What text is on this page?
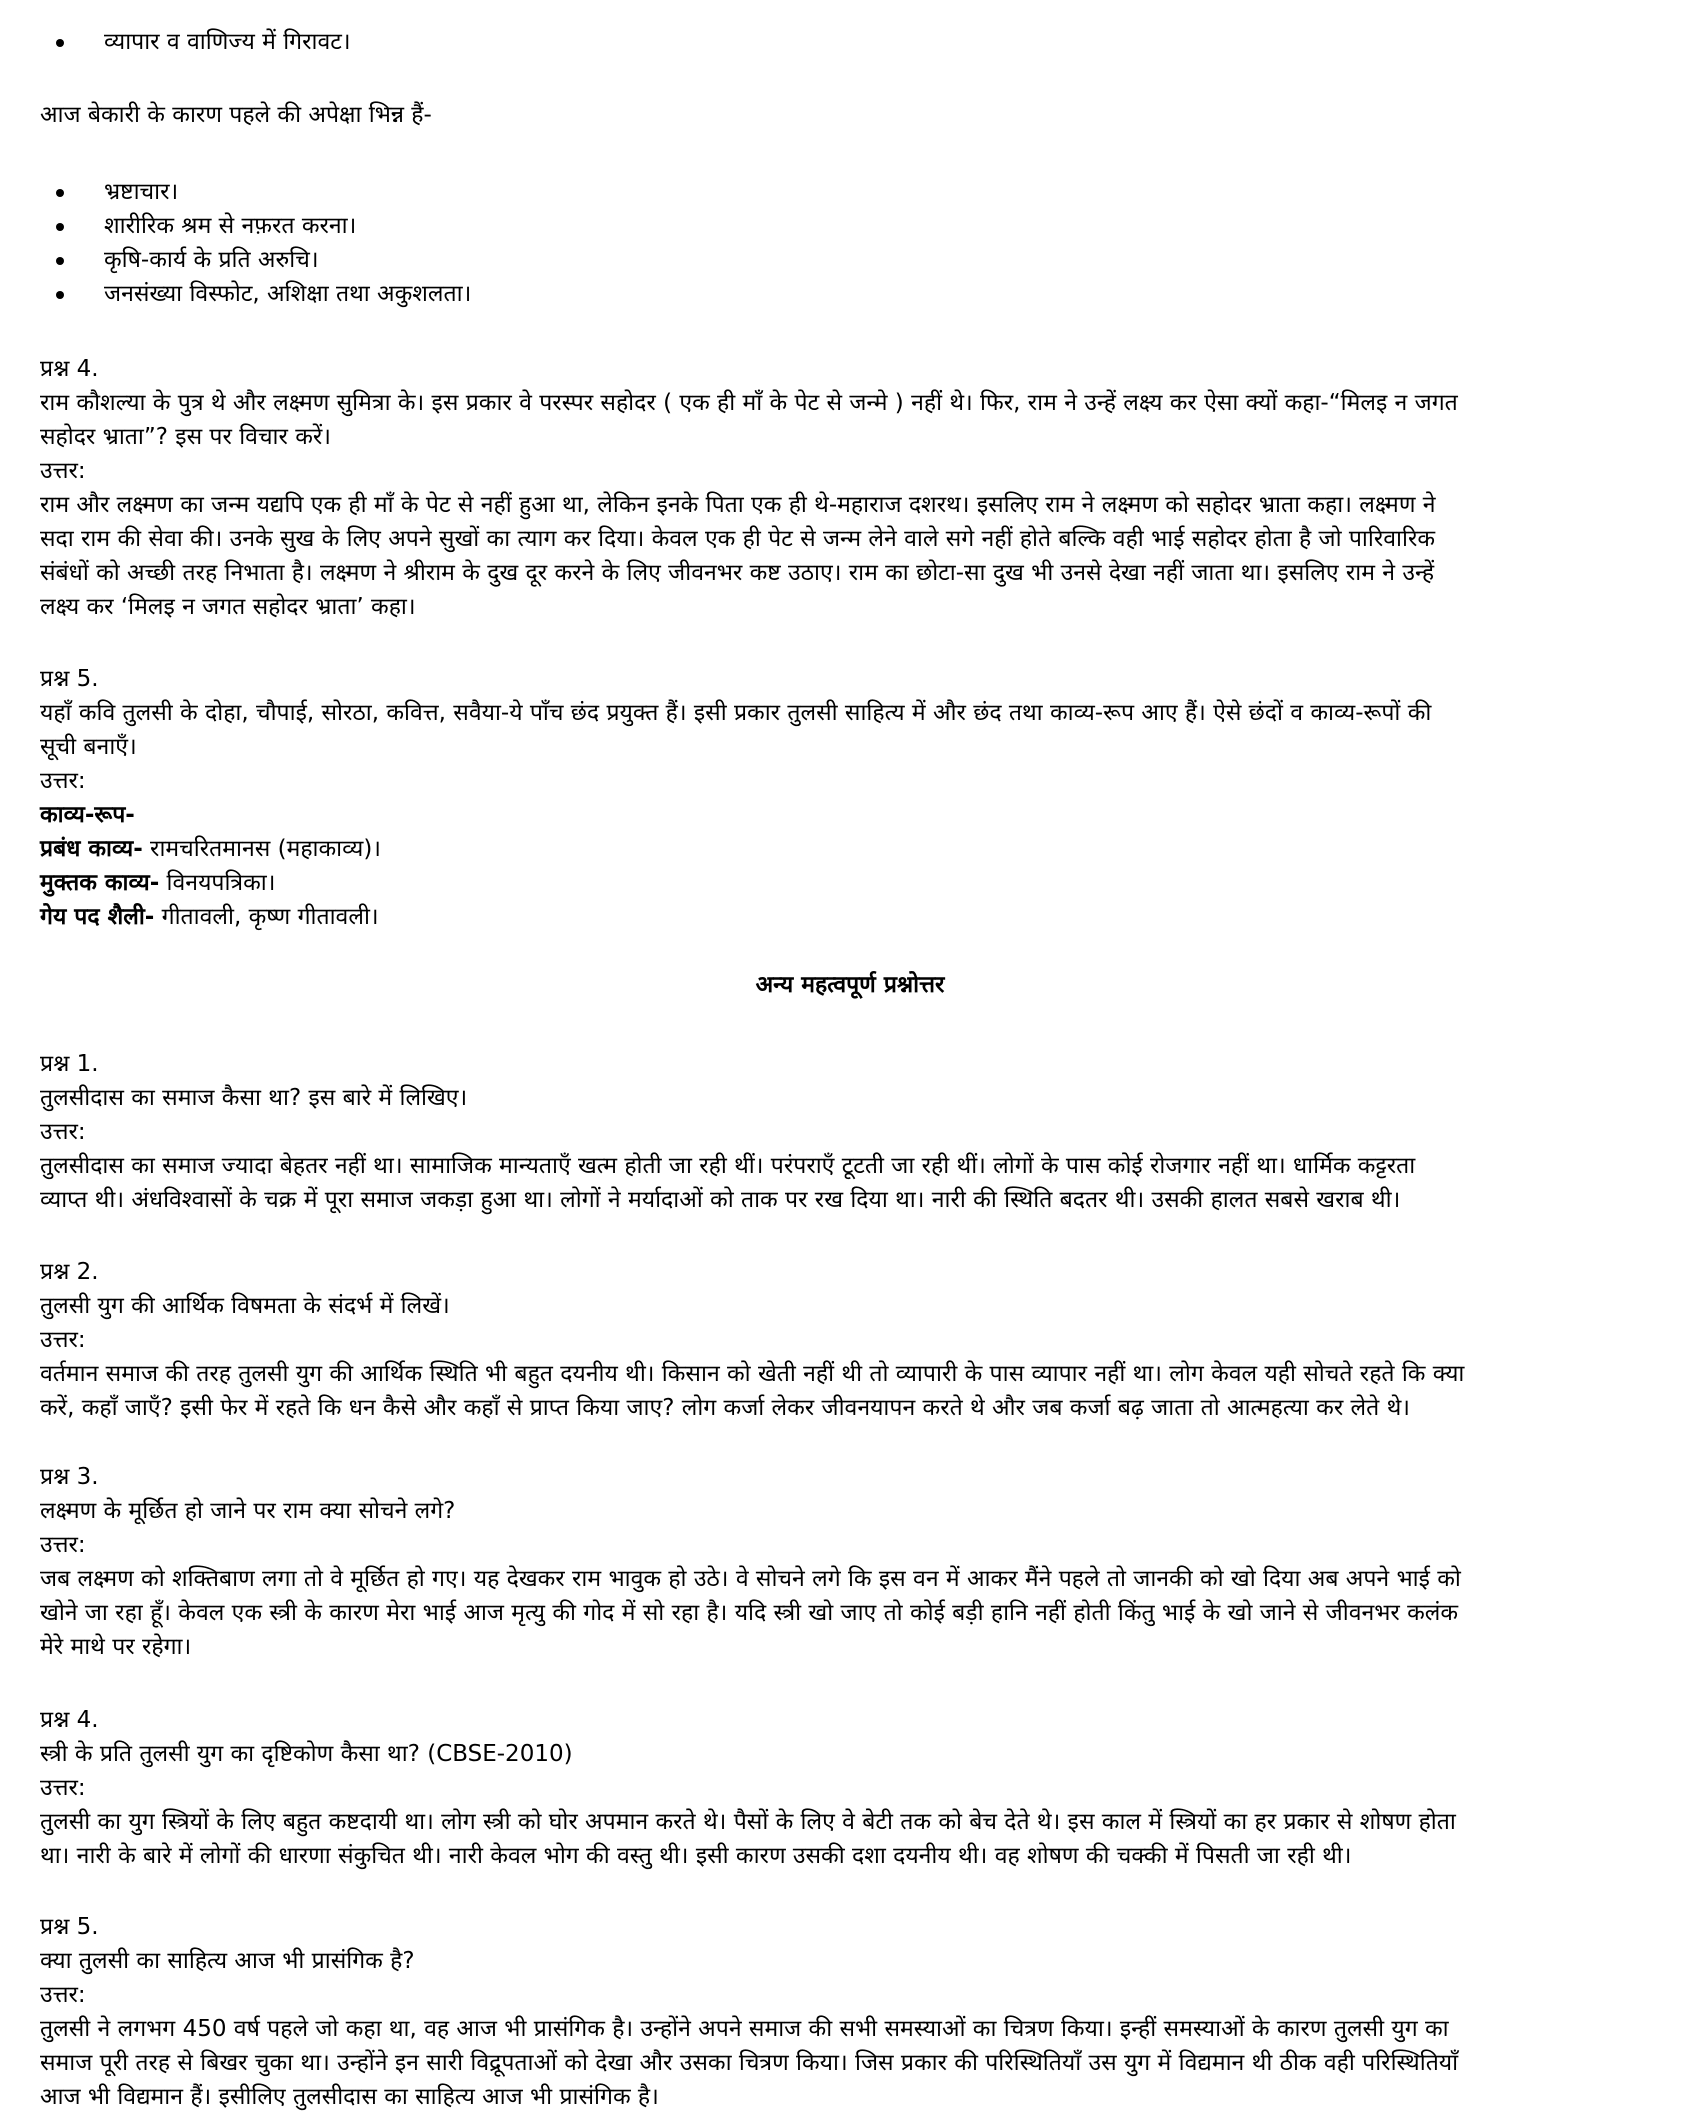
व्यापार व वाणिज्य में गिरावट।
आज बेकारी के कारण पहले की अपेक्षा भिन्न हैं-
भ्रष्टाचार।
शारीरिक श्रम से नफ़रत करना।
कृषि-कार्य के प्रति अरुचि।
जनसंख्या विस्फोट, अशिक्षा तथा अकुशलता।
प्रश्न 4.
राम कौशल्या के पुत्र थे और लक्ष्मण सुमित्रा के। इस प्रकार वे परस्पर सहोदर ( एक ही माँ के पेट से जन्मे ) नहीं थे। फिर, राम ने उन्हें लक्ष्य कर ऐसा क्यों कहा-“मिलइ न जगत
सहोदर भ्राता”? इस पर विचार करें।
उत्तर:
राम और लक्ष्मण का जन्म यद्यपि एक ही माँ के पेट से नहीं हुआ था, लेकिन इनके पिता एक ही थे-महाराज दशरथ। इसलिए राम ने लक्ष्मण को सहोदर भ्राता कहा। लक्ष्मण ने
सदा राम की सेवा की। उनके सुख के लिए अपने सुखों का त्याग कर दिया। केवल एक ही पेट से जन्म लेने वाले सगे नहीं होते बल्कि वही भाई सहोदर होता है जो पारिवारिक
संबंधों को अच्छी तरह निभाता है। लक्ष्मण ने श्रीराम के दुख दूर करने के लिए जीवनभर कष्ट उठाए। राम का छोटा-सा दुख भी उनसे देखा नहीं जाता था। इसलिए राम ने उन्हें
लक्ष्य कर ‘मिलइ न जगत सहोदर भ्राता’ कहा।
प्रश्न 5.
यहाँ कवि तुलसी के दोहा, चौपाई, सोरठा, कवित्त, सवैया-ये पाँच छंद प्रयुक्त हैं। इसी प्रकार तुलसी साहित्य में और छंद तथा काव्य-रूप आए हैं। ऐसे छंदों व काव्य-रूपों की
सूची बनाएँ।
उत्तर:
काव्य-रूप-
प्रबंध काव्य- रामचरितमानस (महाकाव्य)।
मुक्तक काव्य- विनयपत्रिका।
गेय पद शैली- गीतावली, कृष्ण गीतावली।
अन्य महत्वपूर्ण प्रश्नोत्तर
प्रश्न 1.
तुलसीदास का समाज कैसा था? इस बारे में लिखिए।
उत्तर:
तुलसीदास का समाज ज्यादा बेहतर नहीं था। सामाजिक मान्यताएँ खत्म होती जा रही थीं। परंपराएँ टूटती जा रही थीं। लोगों के पास कोई रोजगार नहीं था। धार्मिक कट्टरता
व्याप्त थी। अंधविश्वासों के चक्र में पूरा समाज जकड़ा हुआ था। लोगों ने मर्यादाओं को ताक पर रख दिया था। नारी की स्थिति बदतर थी। उसकी हालत सबसे खराब थी।
प्रश्न 2.
तुलसी युग की आर्थिक विषमता के संदर्भ में लिखें।
उत्तर:
वर्तमान समाज की तरह तुलसी युग की आर्थिक स्थिति भी बहुत दयनीय थी। किसान को खेती नहीं थी तो व्यापारी के पास व्यापार नहीं था। लोग केवल यही सोचते रहते कि क्या
करें, कहाँ जाएँ? इसी फेर में रहते कि धन कैसे और कहाँ से प्राप्त किया जाए? लोग कर्जा लेकर जीवनयापन करते थे और जब कर्जा बढ़ जाता तो आत्महत्या कर लेते थे।
प्रश्न 3.
लक्ष्मण के मूर्छित हो जाने पर राम क्या सोचने लगे?
उत्तर:
जब लक्ष्मण को शक्तिबाण लगा तो वे मूर्छित हो गए। यह देखकर राम भावुक हो उठे। वे सोचने लगे कि इस वन में आकर मैंने पहले तो जानकी को खो दिया अब अपने भाई को
खोने जा रहा हूँ। केवल एक स्त्री के कारण मेरा भाई आज मृत्यु की गोद में सो रहा है। यदि स्त्री खो जाए तो कोई बड़ी हानि नहीं होती किंतु भाई के खो जाने से जीवनभर कलंक
मेरे माथे पर रहेगा।
प्रश्न 4.
स्त्री के प्रति तुलसी युग का दृष्टिकोण कैसा था? (CBSE-2010)
उत्तर:
तुलसी का युग स्त्रियों के लिए बहुत कष्टदायी था। लोग स्त्री को घोर अपमान करते थे। पैसों के लिए वे बेटी तक को बेच देते थे। इस काल में स्त्रियों का हर प्रकार से शोषण होता
था। नारी के बारे में लोगों की धारणा संकुचित थी। नारी केवल भोग की वस्तु थी। इसी कारण उसकी दशा दयनीय थी। वह शोषण की चक्की में पिसती जा रही थी।
प्रश्न 5.
क्या तुलसी का साहित्य आज भी प्रासंगिक है?
उत्तर:
तुलसी ने लगभग 450 वर्ष पहले जो कहा था, वह आज भी प्रासंगिक है। उन्होंने अपने समाज की सभी समस्याओं का चित्रण किया। इन्हीं समस्याओं के कारण तुलसी युग का
समाज पूरी तरह से बिखर चुका था। उन्होंने इन सारी विद्रूपताओं को देखा और उसका चित्रण किया। जिस प्रकार की परिस्थितियाँ उस युग में विद्यमान थी ठीक वही परिस्थितियाँ
आज भी विद्यमान हैं। इसीलिए तुलसीदास का साहित्य आज भी प्रासंगिक है।
